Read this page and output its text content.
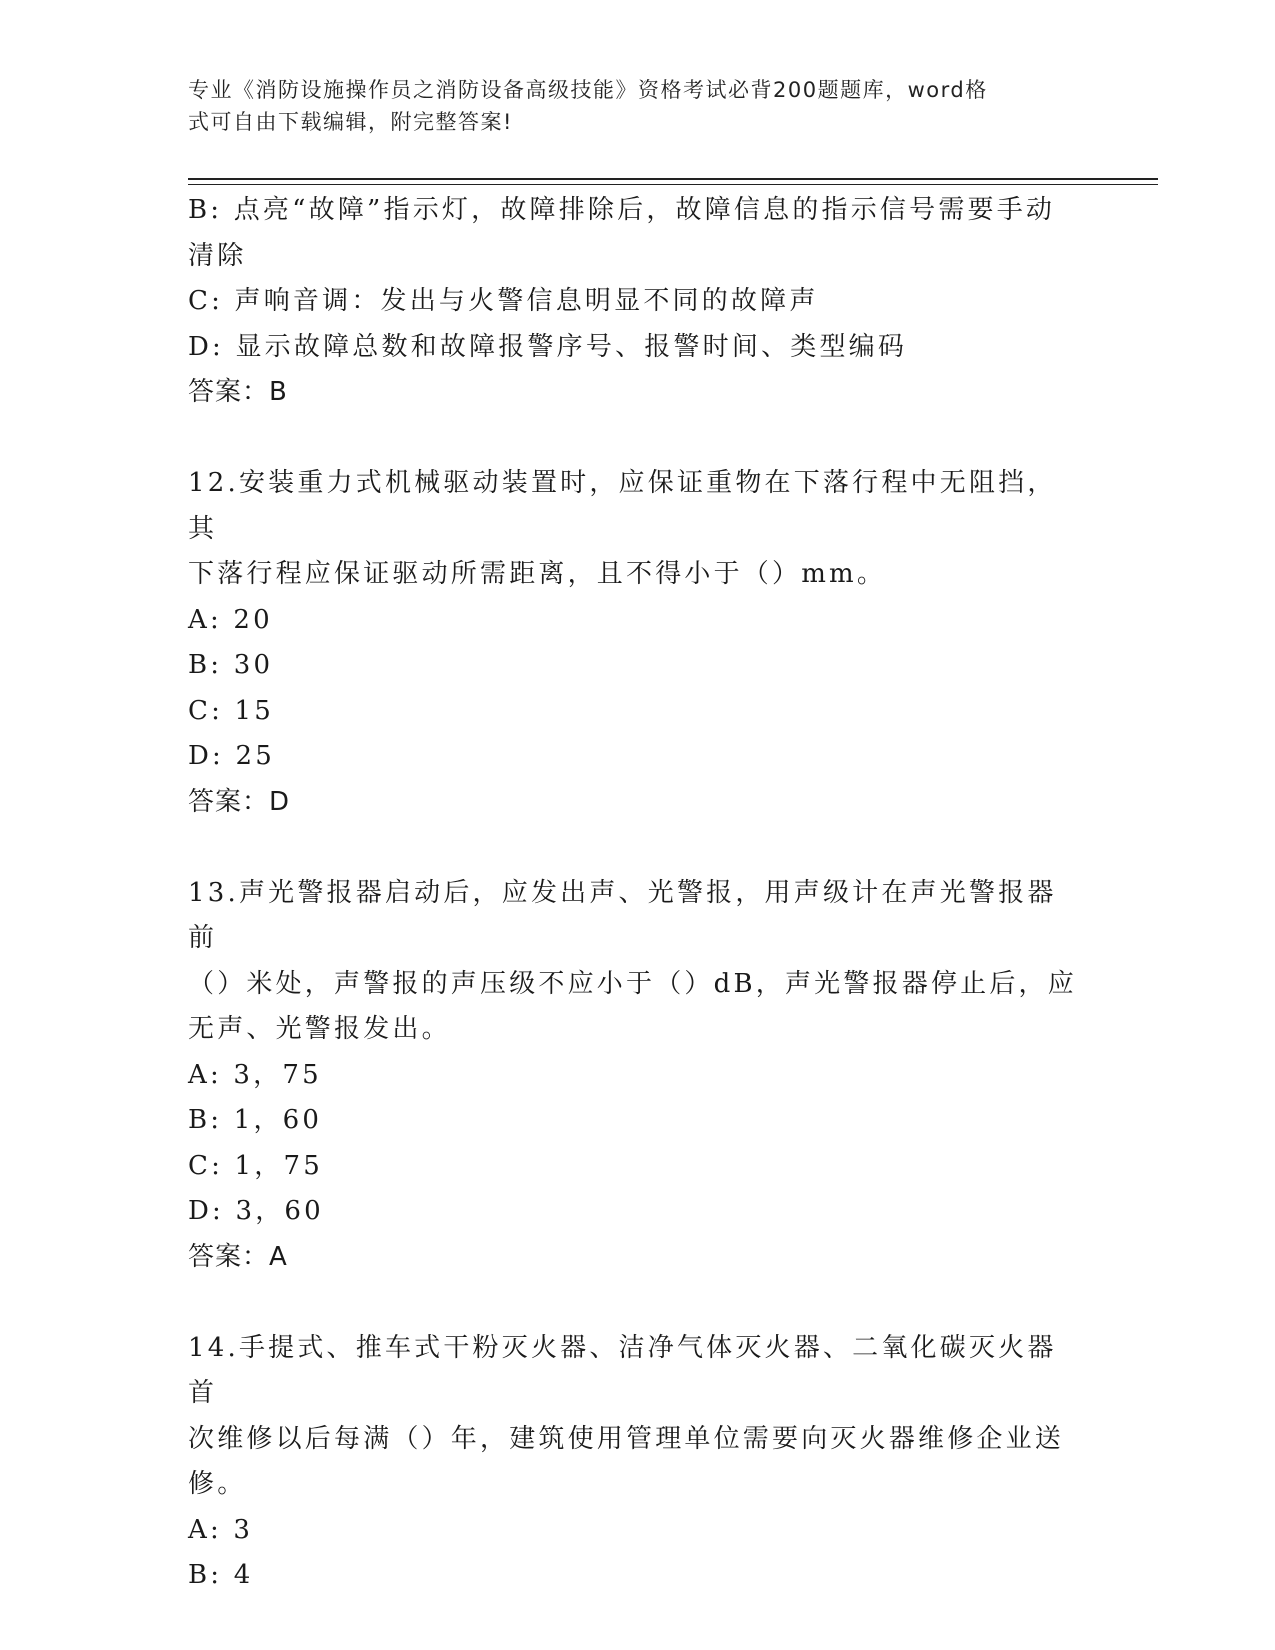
专业《消防设施操作员之消防设备高级技能》资格考试必背200题题库，word格
式可自由下载编辑，附完整答案!
B: 点亮“故障”指示灯，故障排除后，故障信息的指示信号需要手动
清除
C: 声响音调：发出与火警信息明显不同的故障声
D: 显示故障总数和故障报警序号、报警时间、类型编码
答案：B
12.安装重力式机械驱动装置时，应保证重物在下落行程中无阻挡，其
下落行程应保证驱动所需距离，且不得小于（）mm。
A: 20
B: 30
C: 15
D: 25
答案：D
13.声光警报器启动后，应发出声、光警报，用声级计在声光警报器前
（）米处，声警报的声压级不应小于（）dB，声光警报器停止后，应
无声、光警报发出。
A: 3，75
B: 1，60
C: 1，75
D: 3，60
答案：A
14.手提式、推车式干粉灭火器、洁净气体灭火器、二氧化碳灭火器首
次维修以后每满（）年，建筑使用管理单位需要向灭火器维修企业送
修。
A: 3
B: 4
